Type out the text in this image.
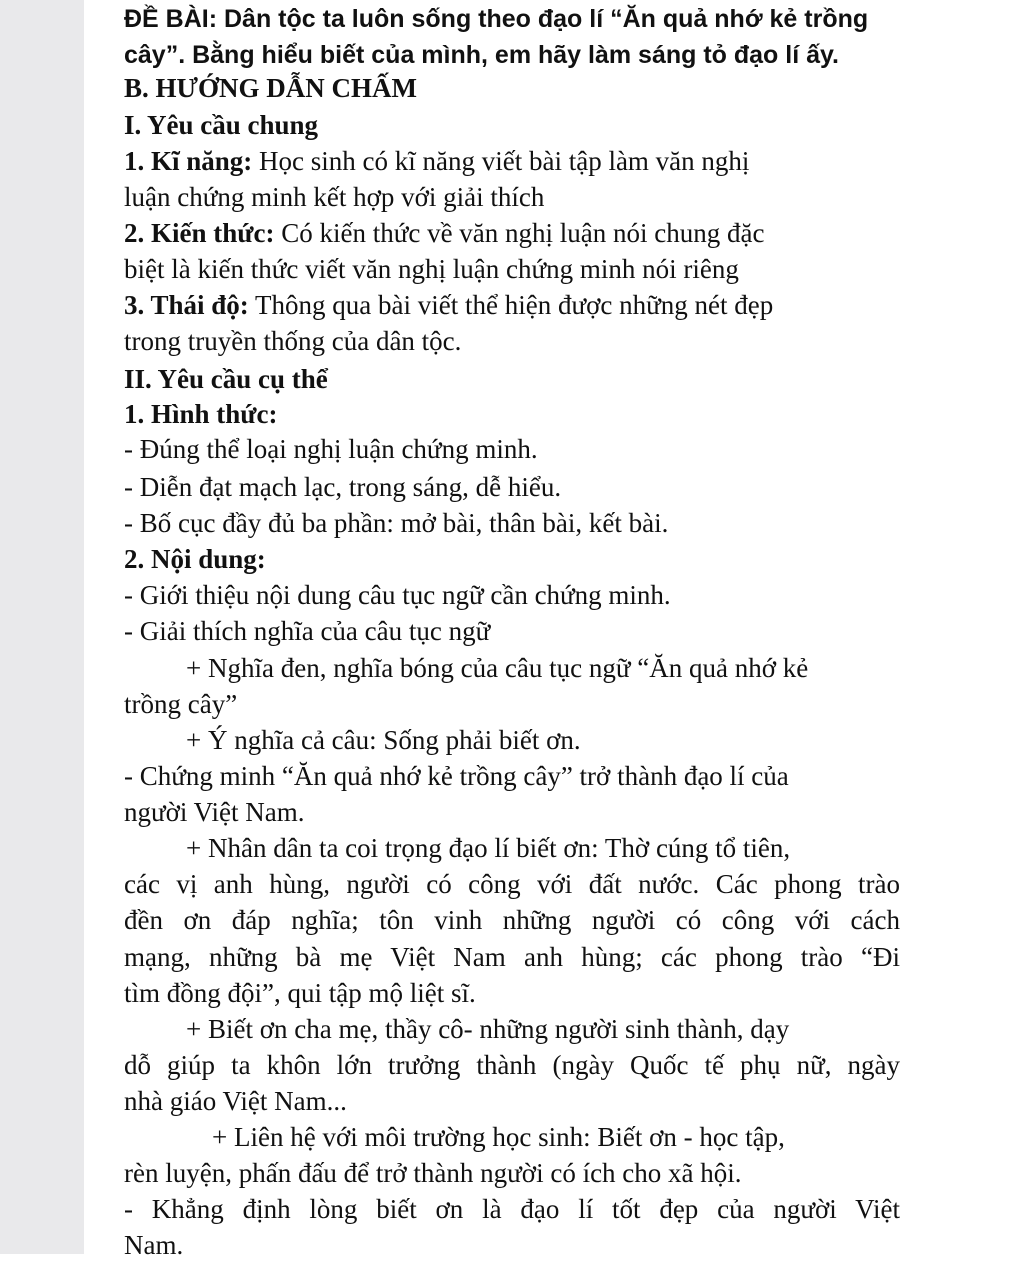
ĐỀ BÀI: Dân tộc ta luôn sống theo đạo lí “Ăn quả nhớ kẻ trồng
cây”. Bằng hiểu biết của mình, em hãy làm sáng tỏ đạo lí ấy.
B. HƯỚNG DẪN CHẤM
I. Yêu cầu chung
1. Kĩ năng: Học sinh có kĩ năng viết bài tập làm văn nghị
luận chứng minh kết hợp với giải thích
2. Kiến thức: Có kiến thức về văn nghị luận nói chung đặc
biệt là kiến thức viết văn nghị luận chứng minh nói riêng
3. Thái độ: Thông qua bài viết thể hiện được những nét đẹp
trong truyền thống của dân tộc.
II. Yêu cầu cụ thể
1. Hình thức:
- Đúng thể loại nghị luận chứng minh.
- Diễn đạt mạch lạc, trong sáng, dễ hiểu.
- Bố cục đầy đủ ba phần: mở bài, thân bài, kết bài.
2. Nội dung:
- Giới thiệu nội dung câu tục ngữ cần chứng minh.
- Giải thích nghĩa của câu tục ngữ
+ Nghĩa đen, nghĩa bóng của câu tục ngữ “Ăn quả nhớ kẻ
trồng cây”
+ Ý nghĩa cả câu: Sống phải biết ơn.
- Chứng minh “Ăn quả nhớ kẻ trồng cây” trở thành đạo lí của
người Việt Nam.
+ Nhân dân ta coi trọng đạo lí biết ơn: Thờ cúng tổ tiên,
các vị anh hùng, người có công với đất nước. Các phong trào
đền ơn đáp nghĩa; tôn vinh những người có công với cách
mạng, những bà mẹ Việt Nam anh hùng; các phong trào “Đi
tìm đồng đội”, qui tập mộ liệt sĩ.
+ Biết ơn cha mẹ, thầy cô- những người sinh thành, dạy
dỗ giúp ta khôn lớn trưởng thành (ngày Quốc tế phụ nữ, ngày
nhà giáo Việt Nam...
+ Liên hệ với môi trường học sinh: Biết ơn - học tập,
rèn luyện, phấn đấu để trở thành người có ích cho xã hội.
- Khẳng định lòng biết ơn là đạo lí tốt đẹp của người Việt
Nam.
